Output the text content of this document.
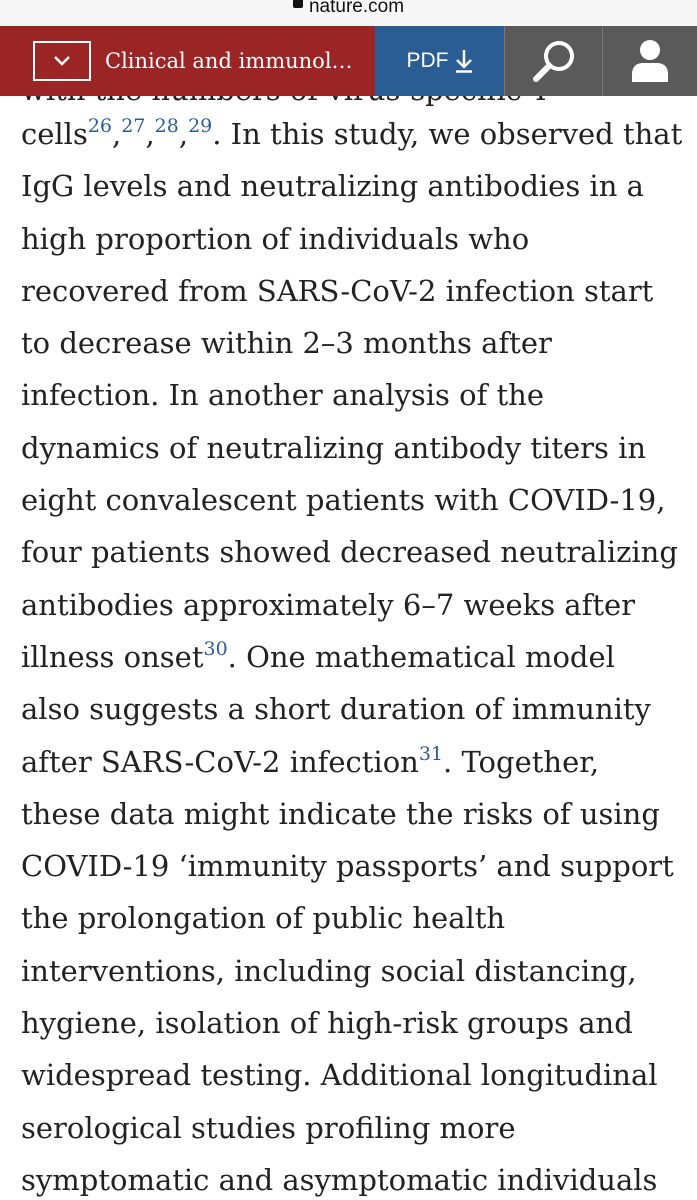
nature.com
Clinical and immunol…	PDF
cells$^{26}$,$^{27}$,$^{28}$,$^{29}$. In this study, we observed that
IgG levels and neutralizing antibodies in a
high proportion of individuals who
recovered from SARS-CoV-2 infection start
to decrease within 2–3 months after
infection. In another analysis of the
dynamics of neutralizing antibody titers in
eight convalescent patients with COVID-19,
four patients showed decreased neutralizing
antibodies approximately 6–7 weeks after
illness onset$^{30}$. One mathematical model
also suggests a short duration of immunity
after SARS-CoV-2 infection$^{31}$. Together,
these data might indicate the risks of using
COVID-19 ‘immunity passports’ and support
the prolongation of public health
interventions, including social distancing,
hygiene, isolation of high-risk groups and
widespread testing. Additional longitudinal
serological studies profiling more
symptomatic and asymptomatic individuals
